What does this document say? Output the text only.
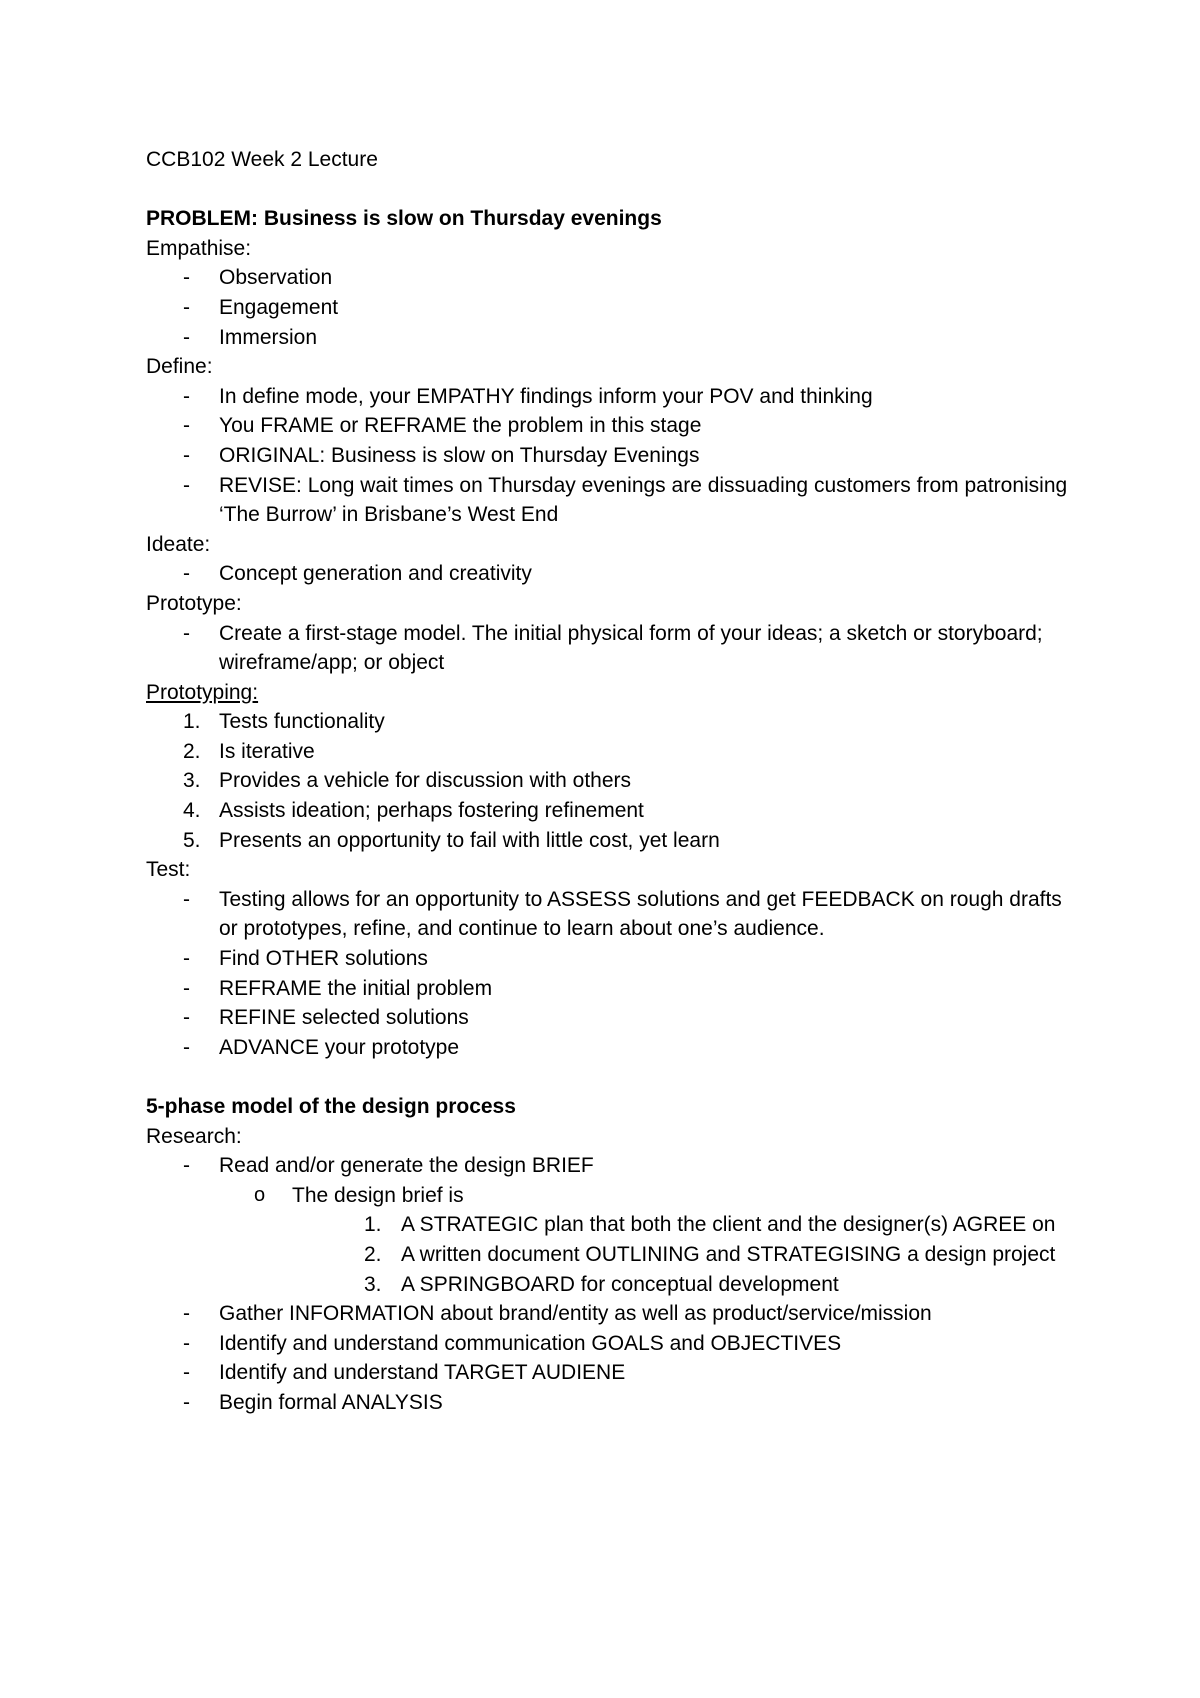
CCB102 Week 2 Lecture

PROBLEM: Business is slow on Thursday evenings

Empathise:

- Observation

- Engagement

- Immersion

Define:

- In define mode, your EMPATHY findings inform your POV and thinking

- You FRAME or REFRAME the problem in this stage

- ORIGINAL: Business is slow on Thursday Evenings

- REVISE: Long wait times on Thursday evenings are dissuading customers from patronising ‘The Burrow’ in Brisbane’s West End

Ideate:

- Concept generation and creativity

Prototype:

- Create a first-stage model. The initial physical form of your ideas; a sketch or storyboard; wireframe/app; or object

Prototyping:

1. Tests functionality

2. Is iterative

3. Provides a vehicle for discussion with others

4. Assists ideation; perhaps fostering refinement

5. Presents an opportunity to fail with little cost, yet learn

Test:

- Testing allows for an opportunity to ASSESS solutions and get FEEDBACK on rough drafts or prototypes, refine, and continue to learn about one’s audience.

- Find OTHER solutions

- REFRAME the initial problem

- REFINE selected solutions

- ADVANCE your prototype

5-phase model of the design process

Research:

- Read and/or generate the design BRIEF

o The design brief is

1. A STRATEGIC plan that both the client and the designer(s) AGREE on

2. A written document OUTLINING and STRATEGISING a design project

3. A SPRINGBOARD for conceptual development

- Gather INFORMATION about brand/entity as well as product/service/mission

- Identify and understand communication GOALS and OBJECTIVES

- Identify and understand TARGET AUDIENE

- Begin formal ANALYSIS
